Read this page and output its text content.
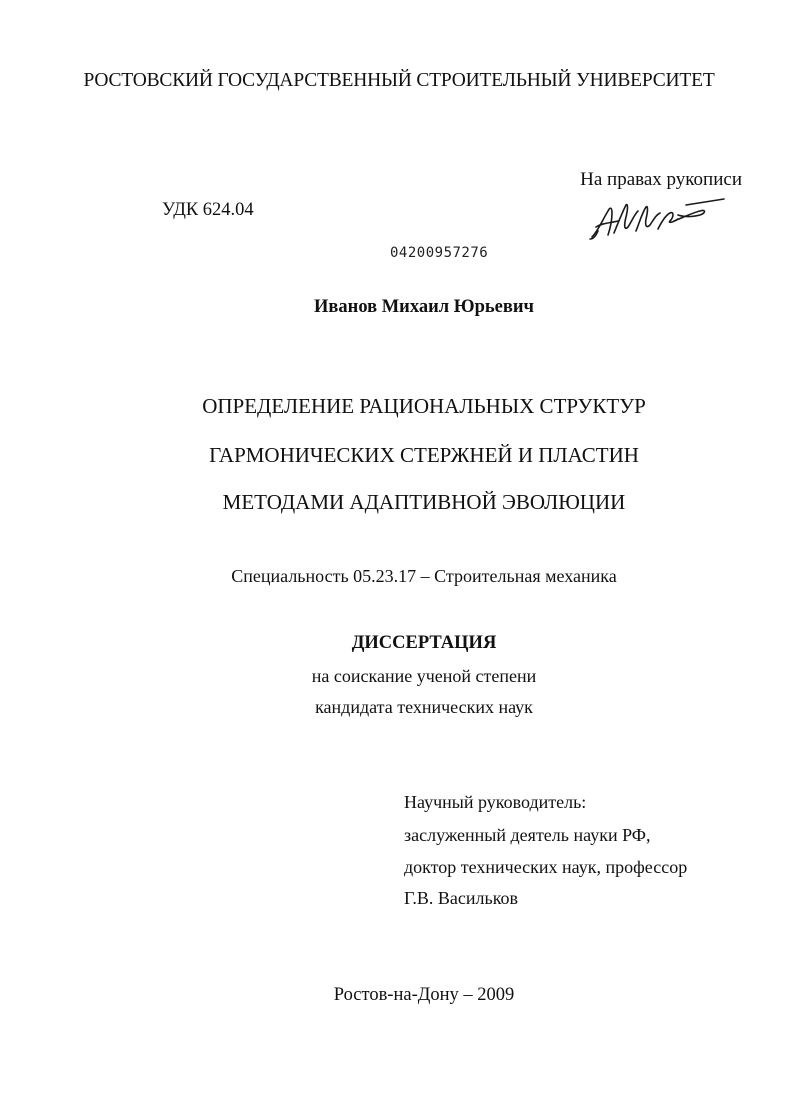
РОСТОВСКИЙ ГОСУДАРСТВЕННЫЙ СТРОИТЕЛЬНЫЙ УНИВЕРСИТЕТ
На правах рукописи
УДК 624.04
04200957276
Иванов Михаил Юрьевич
ОПРЕДЕЛЕНИЕ РАЦИОНАЛЬНЫХ СТРУКТУР
ГАРМОНИЧЕСКИХ СТЕРЖНЕЙ И ПЛАСТИН
МЕТОДАМИ АДАПТИВНОЙ ЭВОЛЮЦИИ
Специальность 05.23.17 – Строительная механика
ДИССЕРТАЦИЯ
на соискание ученой степени
кандидата технических наук
Научный руководитель:
заслуженный деятель науки РФ,
доктор технических наук, профессор
Г.В. Васильков
Ростов-на-Дону – 2009
